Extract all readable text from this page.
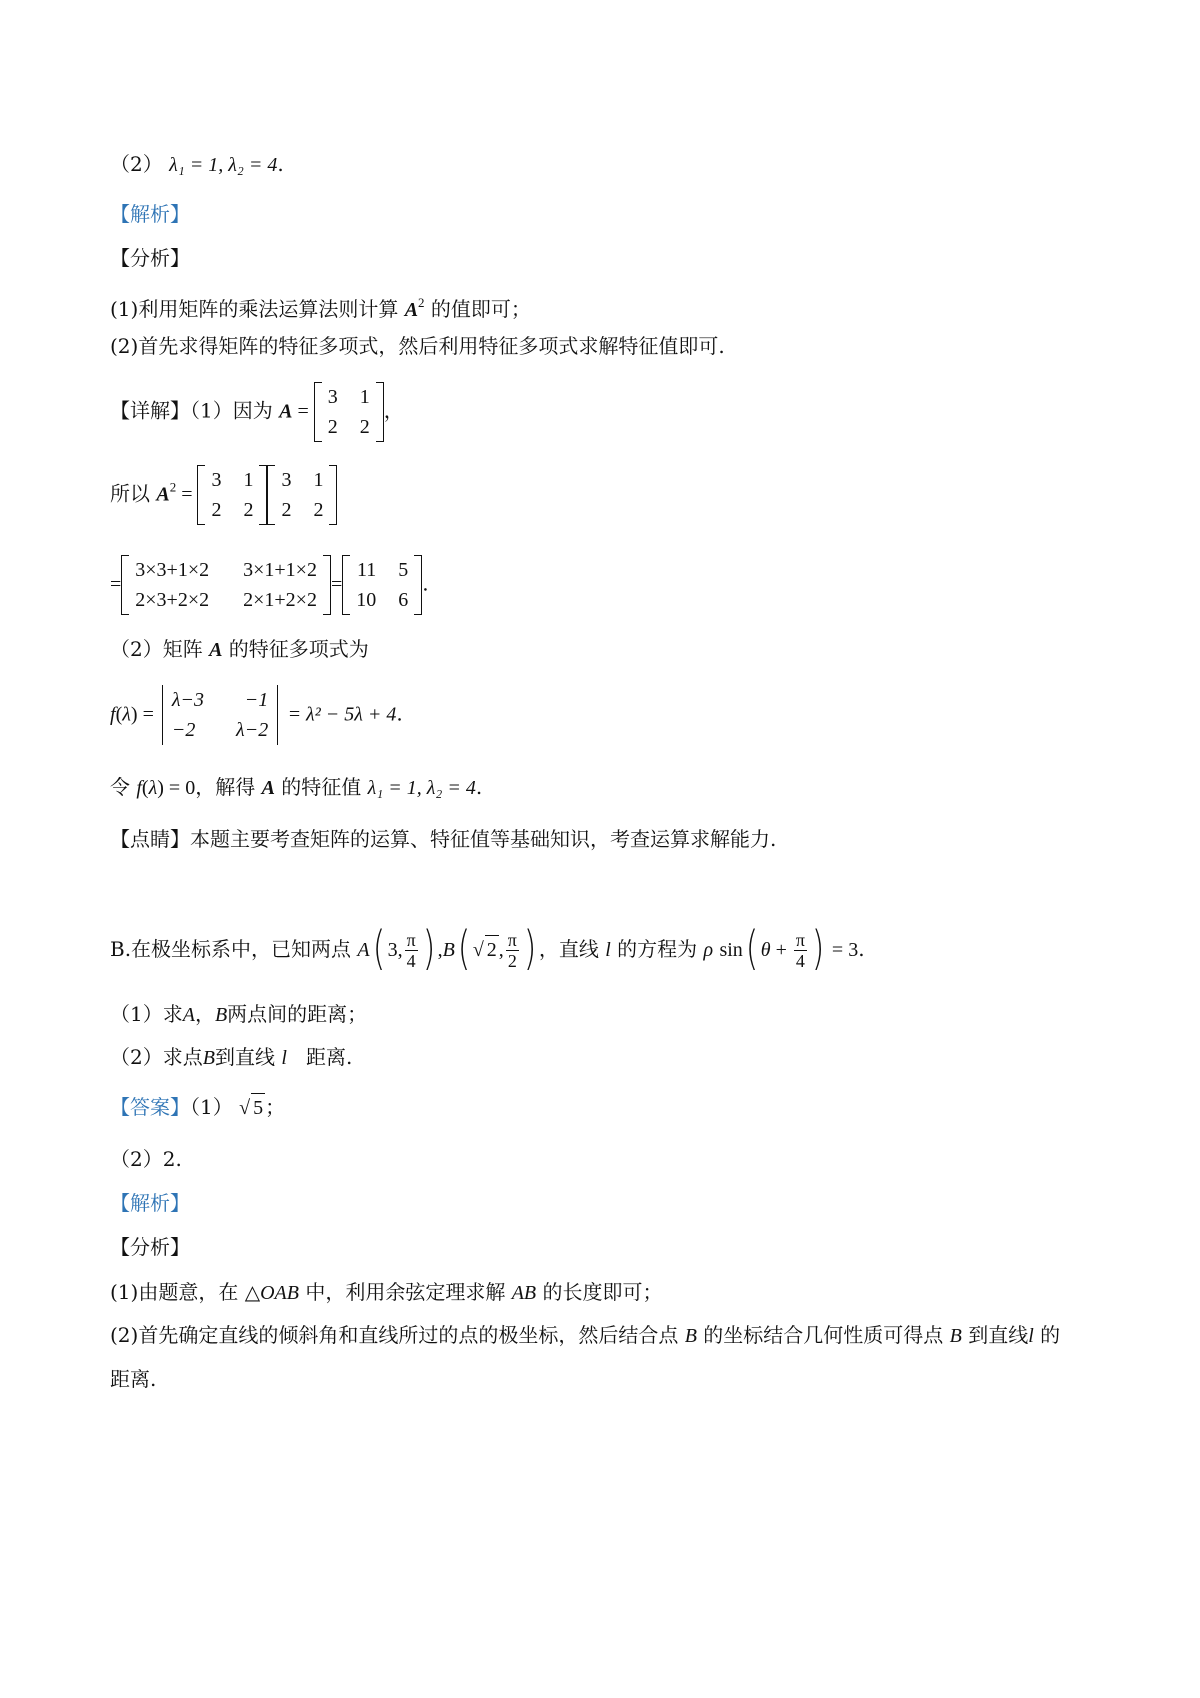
（2） λ₁ = 1, λ₂ = 4.
【解析】
【分析】
(1)利用矩阵的乘法运算法则计算 $A^2$ 的值即可；
(2)首先求得矩阵的特征多项式，然后利用特征多项式求解特征值即可.
【详解】（1）因为 A =
3 1
2 2
，
所以 $A^2$ =
3 1
2 2
3 1
2 2
=
3×3+1×2 3×1+1×2
2×3+2×2 2×1+2×2
=
11 5
10 6
.
（2）矩阵 A 的特征多项式为
f(λ) =
λ−3	−1
−2	λ−2
= λ² − 5λ + 4.
令 f(λ) = 0，解得 A 的特征值 λ₁ = 1, λ₂ = 4.
【点睛】本题主要考查矩阵的运算、特征值等基础知识，考查运算求解能力.
B.在极坐标系中，已知两点 A( 3, $\frac{\pi}{4}$ ) ,B( √ 2 , $\frac{\pi}{2}$ ) ，直线 l 的方程为 ρ sin( $\theta + \frac{\pi}{4}$ ) = 3.
（1）求A，B两点间的距离；
（2）求点B到直线 l 距离.
【答案】（1） √ 5 ；
（2）2.
【解析】
【分析】
(1)由题意，在 △OAB 中，利用余弦定理求解 AB 的长度即可；
(2)首先确定直线的倾斜角和直线所过的点的极坐标，然后结合点 B 的坐标结合几何性质可得点 B 到直线l 的
距离.
